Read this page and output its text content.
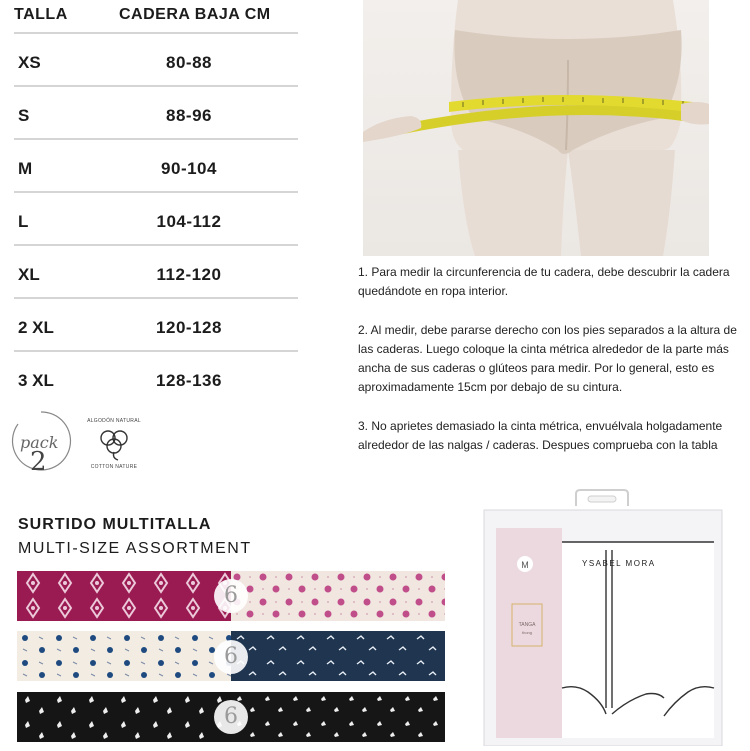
TALLA	CADERA BAJA CM
XS	80-88
S	88-96
M	90-104
L	104-112
XL	112-120
2 XL	120-128
3 XL	128-136
1. Para medir la circunferencia de tu cadera, debe descubrir la cadera quedándote en ropa interior.
2. Al medir, debe pararse derecho con los pies separados a la altura de las caderas. Luego coloque la cinta métrica alrededor de la parte más ancha de sus caderas o glúteos para medir. Por lo general, esto es aproximadamente 15cm por debajo de su cintura.
3. No aprietes demasiado la cinta métrica, envuélvala holgadamente alrededor de las nalgas / caderas. Despues comprueba con la tabla
pack
2
ALGODÓN NATURAL
COTTON NATURE
SURTIDO MULTITALLA
MULTI-SIZE ASSORTMENT
6
6
6
M
TANGA
thong
YSABEL MORA
